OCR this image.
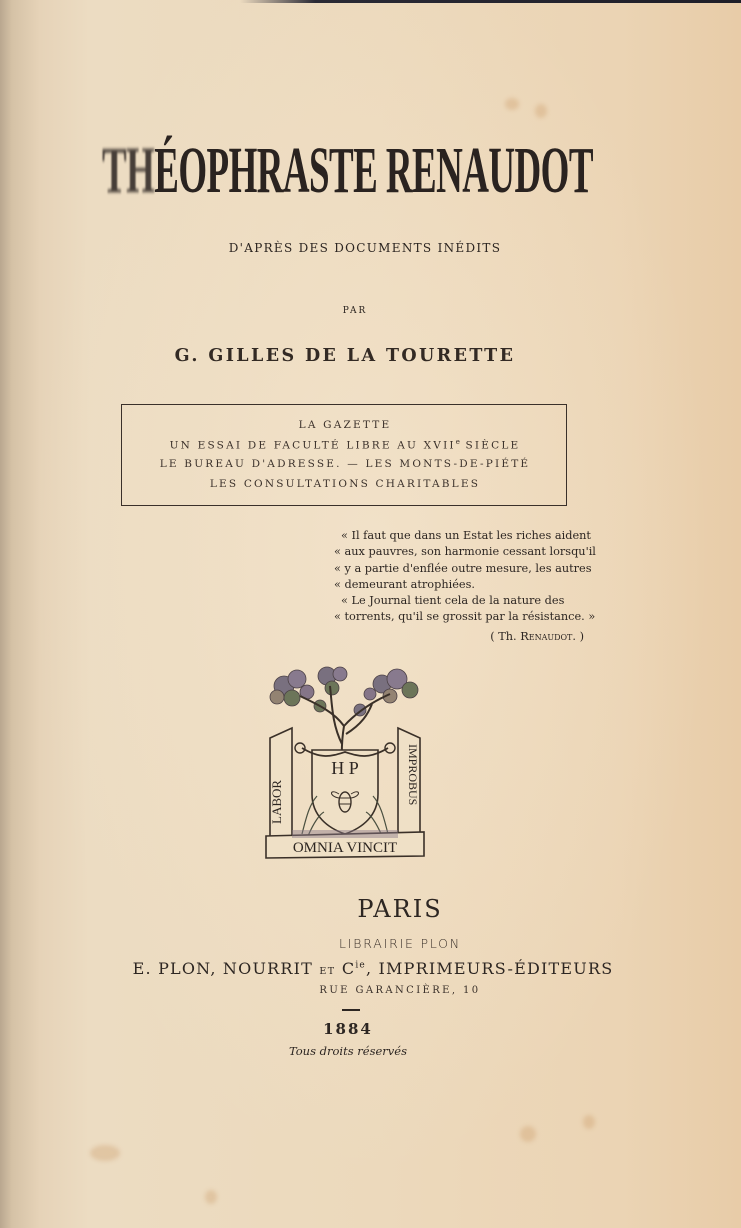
THÉOPHRASTE RENAUDOT
D'APRÈS DES DOCUMENTS INÉDITS
PAR
G. GILLES DE LA TOURETTE
LA GAZETTE
UN ESSAI DE FACULTÉ LIBRE AU XVIIe SIÈCLE
LE BUREAU D'ADRESSE. — LES MONTS-DE-PIÉTÉ
LES CONSULTATIONS CHARITABLES
« Il faut que dans un Estat les riches aident
« aux pauvres, son harmonie cessant lorsqu'il
« y a partie d'enflée outre mesure, les autres
« demeurant atrophiées.
« Le Journal tient cela de la nature des
« torrents, qu'il se grossit par la résistance. »
( Th. Renaudot. )
LABOR	IMPROBUS
H P
OMNIA VINCIT
PARIS
LIBRAIRIE PLON
E. PLON, NOURRIT ET $C^{ie}$, IMPRIMEURS-ÉDITEURS
RUE GARANCIÈRE, 10
1884
Tous droits réservés
